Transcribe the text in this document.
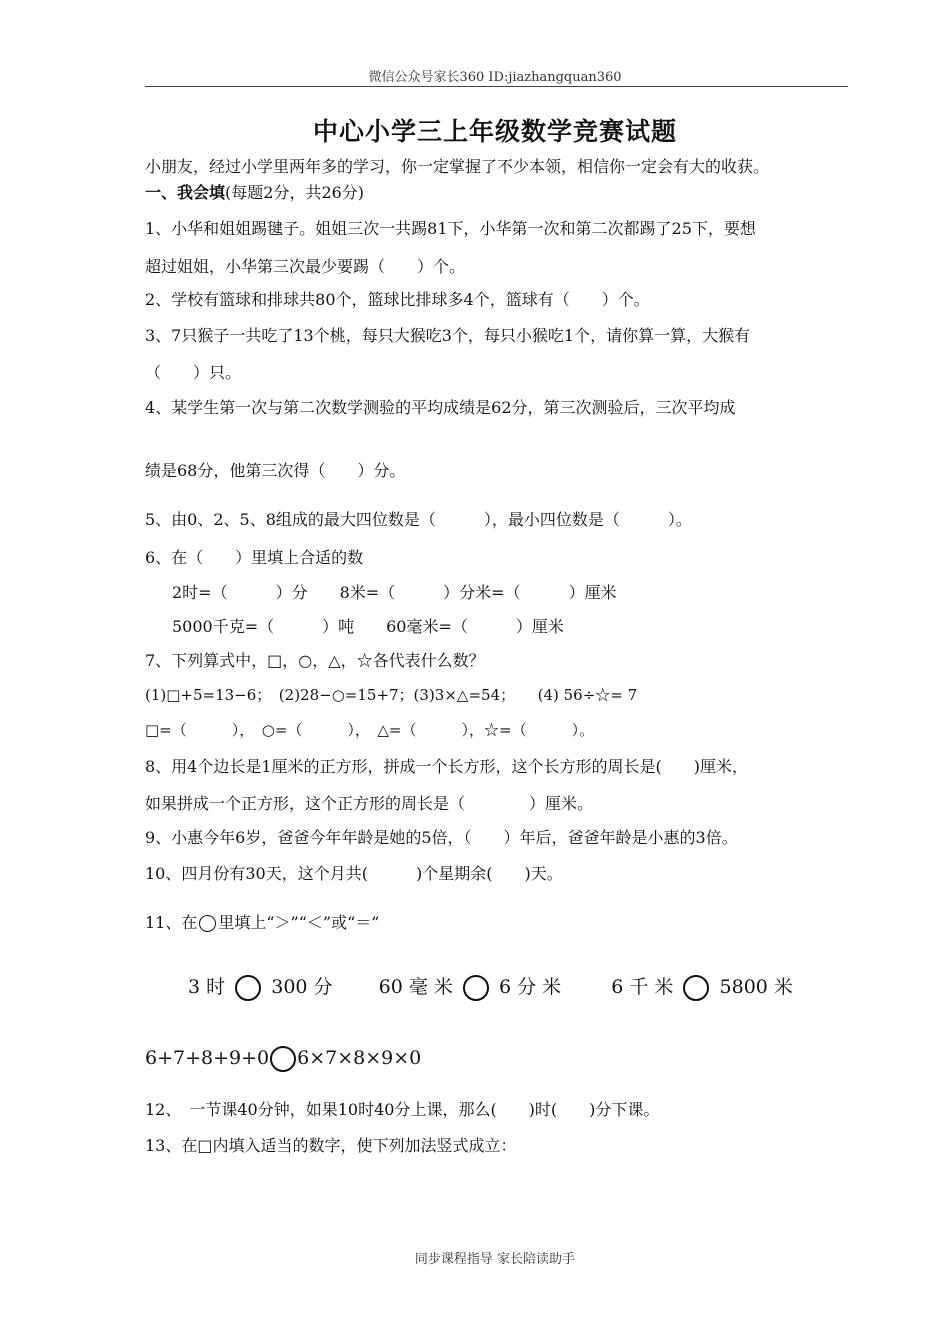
微信公众号家长360 ID:jiazhangquan360
中心小学三上年级数学竞赛试题
小朋友，经过小学里两年多的学习，你一定掌握了不少本领，相信你一定会有大的收获。
一、我会填(每题2分，共26分)
1、小华和姐姐踢毽子。姐姐三次一共踢81下，小华第一次和第二次都踢了25下，要想
超过姐姐，小华第三次最少要踢（　　）个。
2、学校有篮球和排球共80个，篮球比排球多4个，篮球有（　　）个。
3、7只猴子一共吃了13个桃，每只大猴吃3个，每只小猴吃1个，请你算一算，大猴有
（　　）只。
4、某学生第一次与第二次数学测验的平均成绩是62分，第三次测验后，三次平均成
绩是68分，他第三次得（　　）分。
5、由0、2、5、8组成的最大四位数是（　　　），最小四位数是（　　　）。
6、在（　　）里填上合适的数
2时=（　　　）分　　8米=（　　　）分米=（　　　）厘米
5000千克=（　　　）吨　　60毫米=（　　　）厘米
7、下列算式中，□，○，△，☆各代表什么数？
(1)□+5=13−6；　(2)28−○=15+7；(3)3×△=54；　　(4) 56÷☆= 7
□=（　　　），　○=（　　　），　△=（　　　），☆=（　　　）。
8、用4个边长是1厘米的正方形，拼成一个长方形，这个长方形的周长是(　　)厘米，
如果拼成一个正方形，这个正方形的周长是（　　　　）厘米。
9、小惠今年6岁，爸爸今年年龄是她的5倍，（　　）年后，爸爸年龄是小惠的3倍。
10、四月份有30天，这个月共(　　　)个星期余(　　)天。
11、在 里填上“＞”“＜”或“＝”
3 时 300 分 60 毫 米 6 分 米	6 千 米 5800 米
6+7+8+9+0 6×7×8×9×0
12、　一节课40分钟，如果10时40分上课，那么(　　)时(　　)分下课。
13、在□内填入适当的数字，使下列加法竖式成立：
同步课程指导 家长陪读助手
